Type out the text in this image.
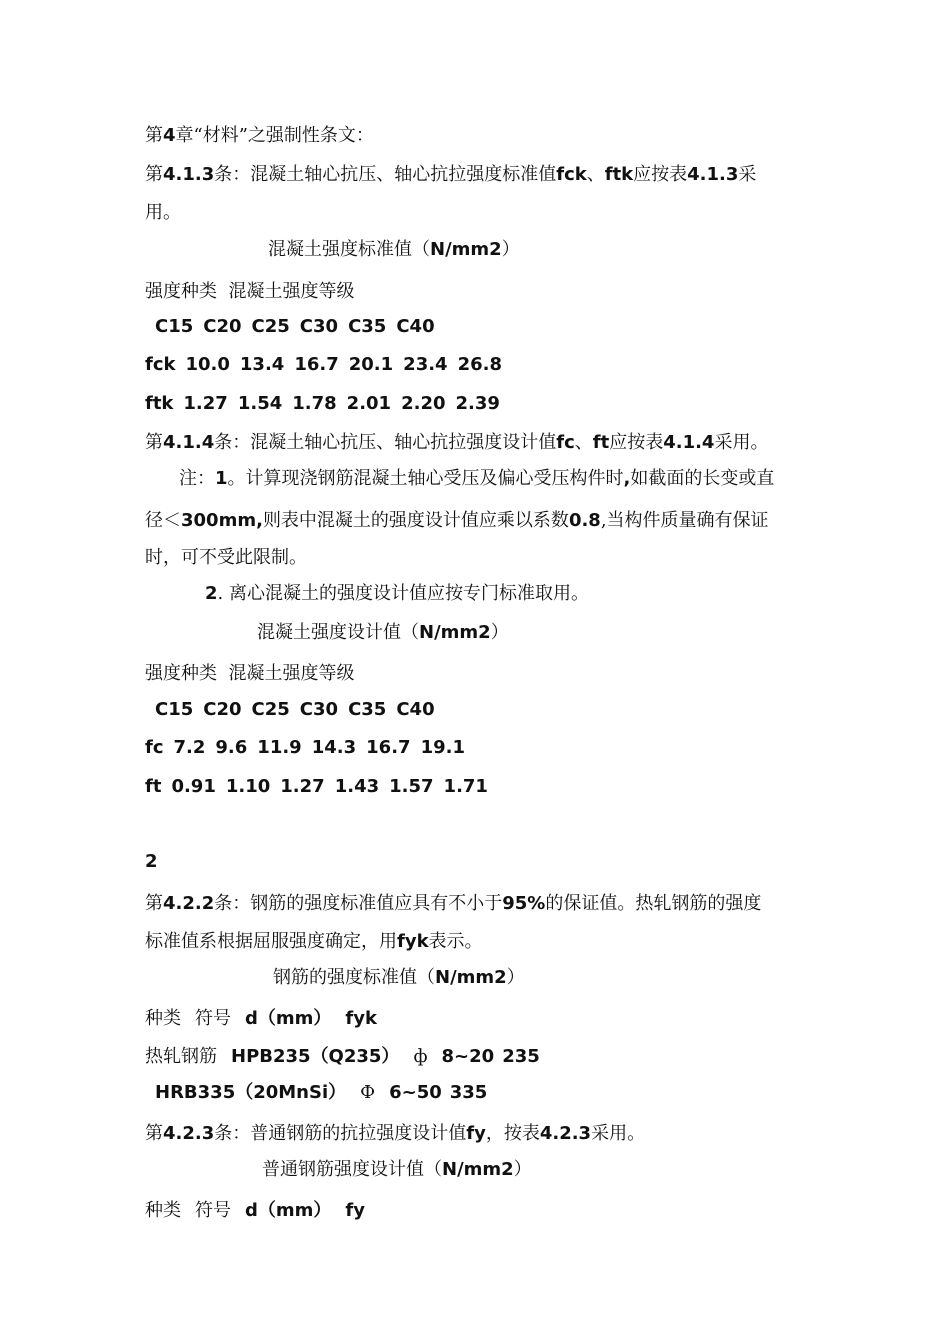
第4章“材料”之强制性条文：
第4.1.3条：混凝土轴心抗压、轴心抗拉强度标准值fck、ftk应按表4.1.3采
用。
混凝土强度标准值（N/mm2）
强度种类  混凝土强度等级
C15 C20 C25 C30 C35 C40
fck 10.0 13.4 16.7 20.1 23.4 26.8
ftk 1.27 1.54 1.78 2.01 2.20 2.39
第4.1.4条：混凝土轴心抗压、轴心抗拉强度设计值fc、ft应按表4.1.4采用。
注：1。计算现浇钢筋混凝土轴心受压及偏心受压构件时,如截面的长变或直
径＜300mm,则表中混凝土的强度设计值应乘以系数0.8,当构件质量确有保证
时，可不受此限制。
2. 离心混凝土的强度设计值应按专门标准取用。
混凝土强度设计值（N/mm2）
强度种类  混凝土强度等级
C15 C20 C25 C30 C35 C40
fc 7.2 9.6 11.9 14.3 16.7 19.1
ft 0.91 1.10 1.27 1.43 1.57 1.71
2
第4.2.2条：钢筋的强度标准值应具有不小于95%的保证值。热轧钢筋的强度
标准值系根据屈服强度确定，用fyk表示。
钢筋的强度标准值（N/mm2）
种类 符号 d（mm） fyk
热轧钢筋 HPB235（Q235） ф 8~20 235
HRB335（20MnSi） Ф 6~50 335
第4.2.3条：普通钢筋的抗拉强度设计值fy，按表4.2.3采用。
普通钢筋强度设计值（N/mm2）
种类 符号 d（mm） fy
